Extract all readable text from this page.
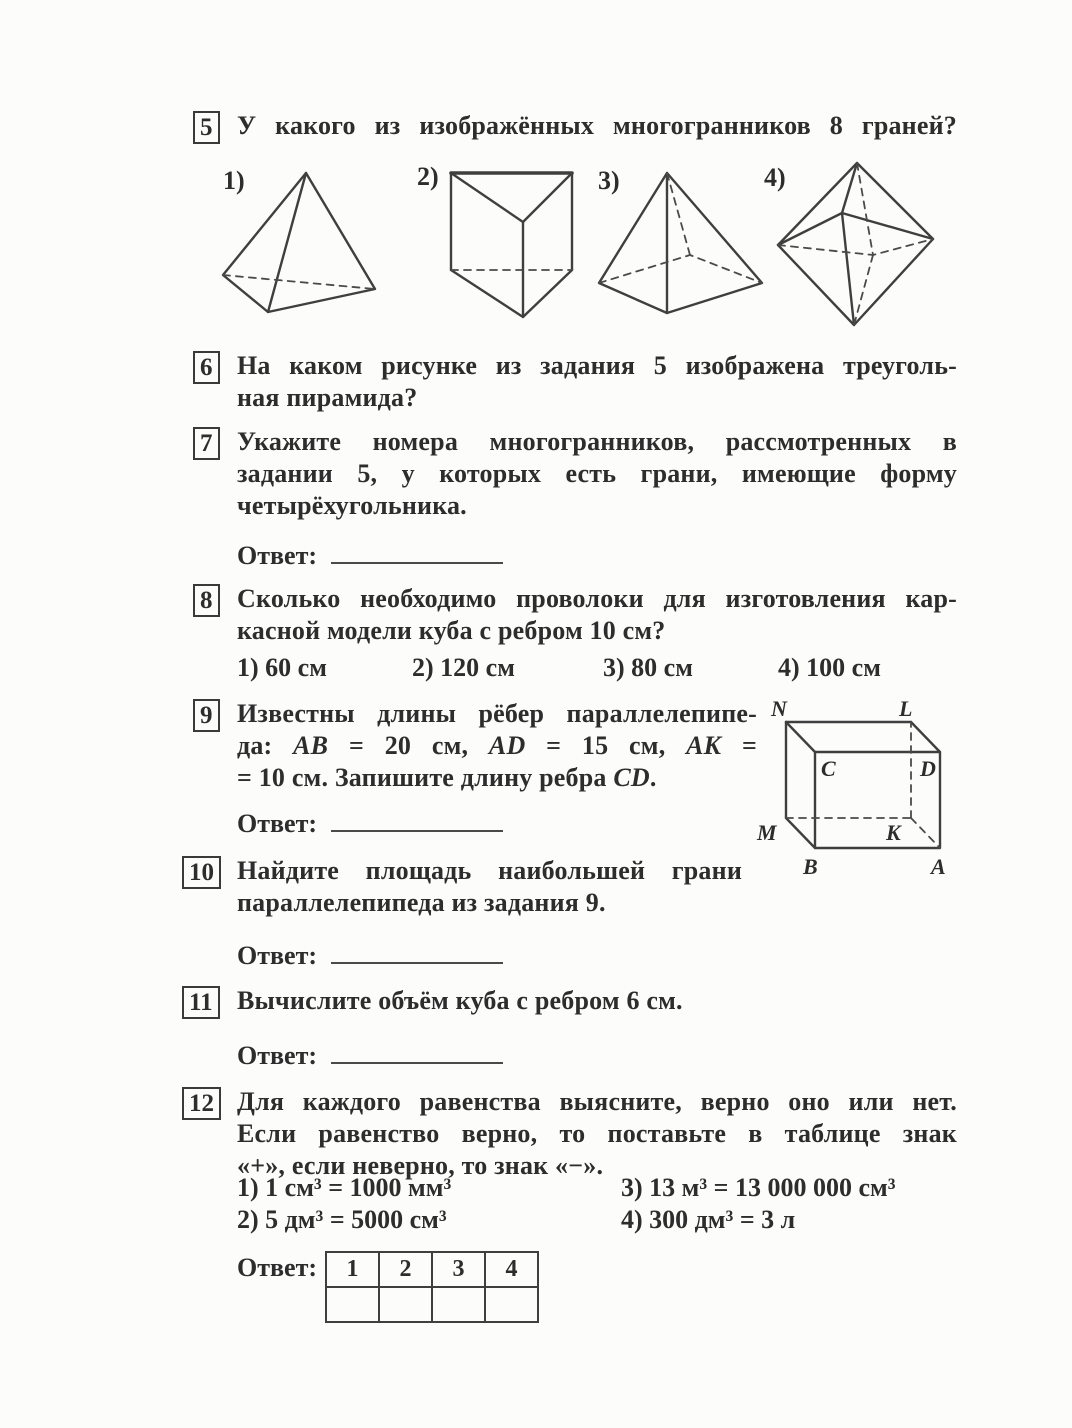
5 У какого из изображённых многогранников 8 граней?
1)	2)	3)	4)
6 На каком рисунке из задания 5 изображена треуголь-
ная пирамида?
7 Укажите номера многогранников, рассмотренных в
задании 5, у которых есть грани, имеющие форму
четырёхугольника.
Ответ:
8 Сколько необходимо проволоки для изготовления кар-
касной модели куба с ребром 10 см?
1) 60 см	2) 120 см	3) 80 см	4) 100 см
9 Известны длины рёбер параллелепипе-
да: AB = 20 см, AD = 15 см, AK =
= 10 см. Запишите длину ребра CD.
N	L
C	D
M	K
B	A
Ответ:
10 Найдите площадь наибольшей грани
параллелепипеда из задания 9.
Ответ:
11 Вычислите объём куба с ребром 6 см.
Ответ:
12 Для каждого равенства выясните, верно оно или нет.
Если равенство верно, то поставьте в таблице знак
«+», если неверно, то знак «−».
1) 1 см³ = 1000 мм³
2) 5 дм³ = 5000 см³
3) 13 м³ = 13 000 000 см³
4) 300 дм³ = 3 л
Ответ:	1	2	3	4
